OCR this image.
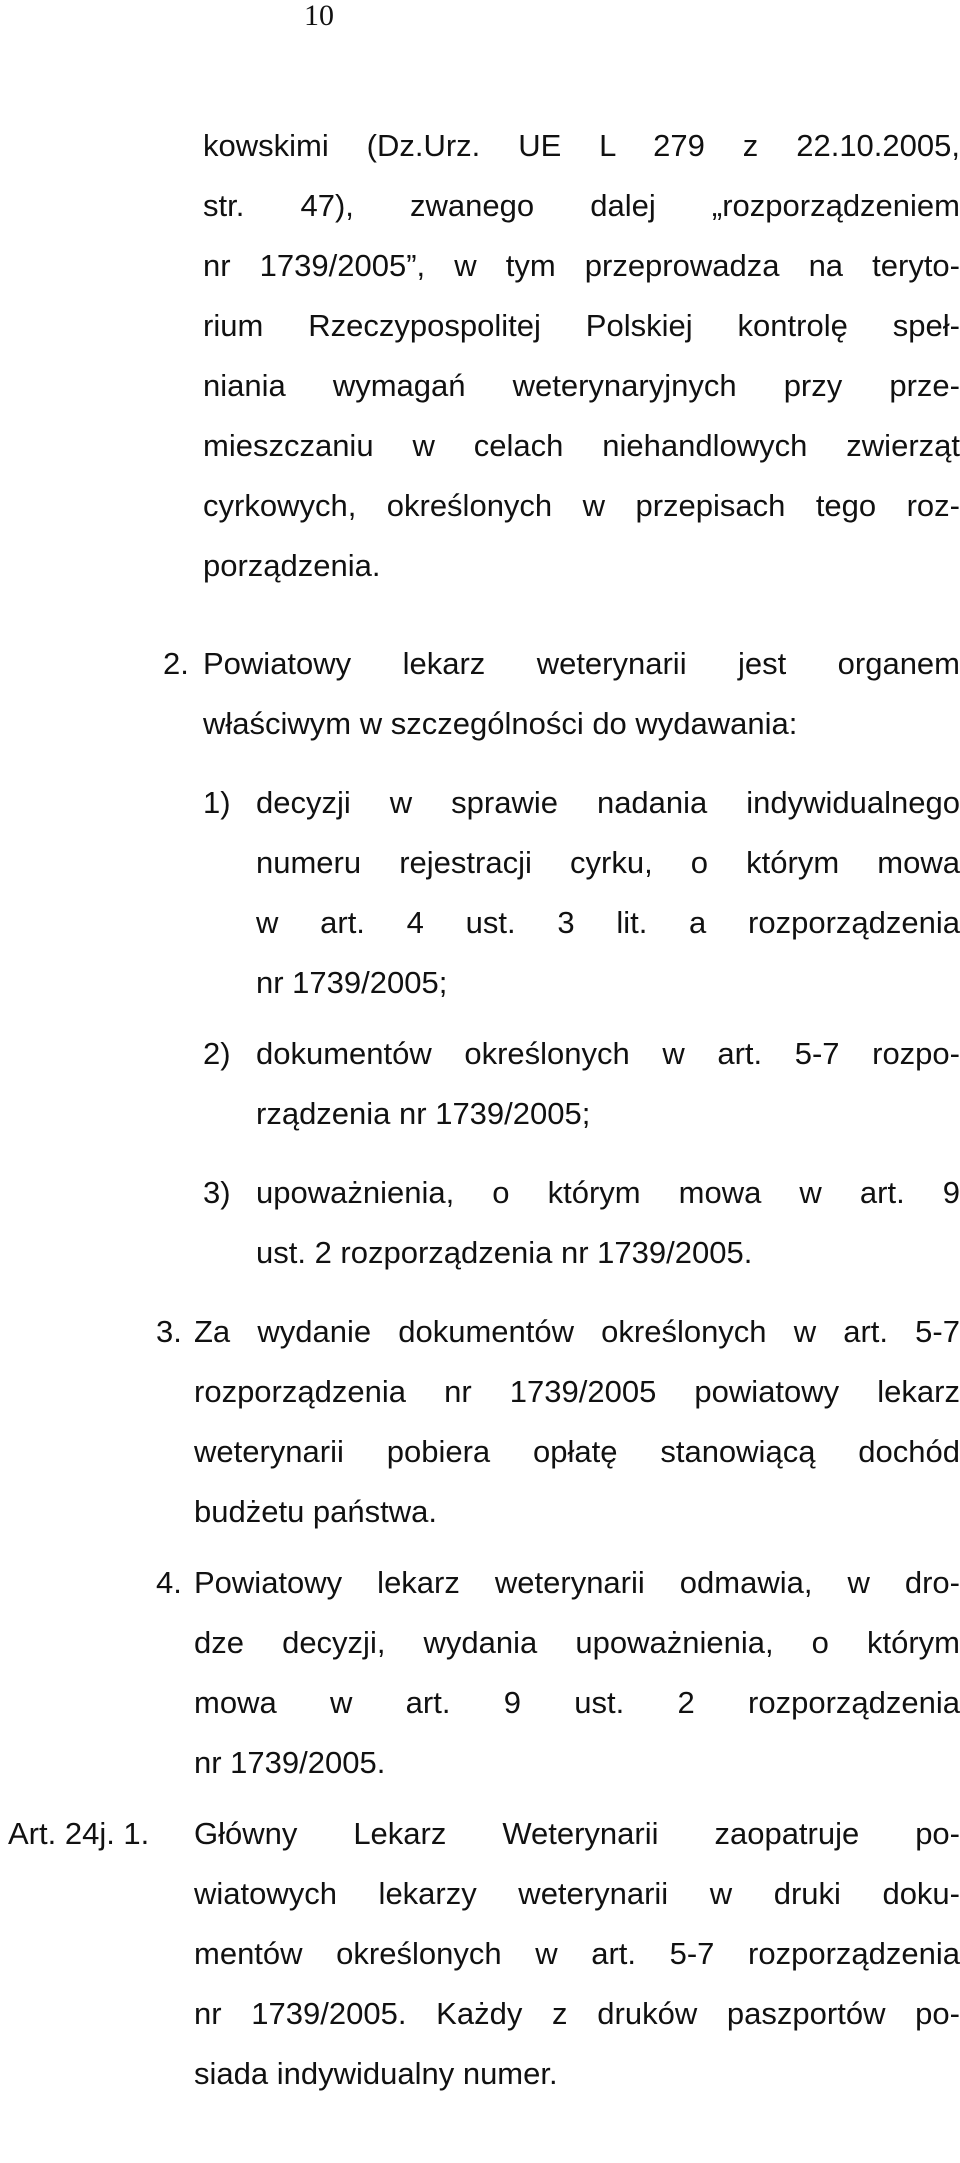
10
kowskimi (Dz.Urz. UE L 279 z 22.10.2005,
str. 47), zwanego dalej „rozporządzeniem
nr 1739/2005”, w tym przeprowadza na teryto-
rium Rzeczypospolitej Polskiej kontrolę speł-
niania wymagań weterynaryjnych przy prze-
mieszczaniu w celach niehandlowych zwierząt
cyrkowych, określonych w przepisach tego roz-
porządzenia.
2. Powiatowy lekarz weterynarii jest organem
właściwym w szczególności do wydawania:
1) decyzji w sprawie nadania indywidualnego
numeru rejestracji cyrku, o którym mowa
w art. 4 ust. 3 lit. a rozporządzenia
nr 1739/2005;
2) dokumentów określonych w art. 5-7 rozpo-
rządzenia nr 1739/2005;
3) upoważnienia, o którym mowa w art. 9
ust. 2 rozporządzenia nr 1739/2005.
3. Za wydanie dokumentów określonych w art. 5-7
rozporządzenia nr 1739/2005 powiatowy lekarz
weterynarii pobiera opłatę stanowiącą dochód
budżetu państwa.
4. Powiatowy lekarz weterynarii odmawia, w dro-
dze decyzji, wydania upoważnienia, o którym
mowa w art. 9 ust. 2 rozporządzenia
nr 1739/2005.
Art. 24j. 1. Główny Lekarz Weterynarii zaopatruje po-
wiatowych lekarzy weterynarii w druki doku-
mentów określonych w art. 5-7 rozporządzenia
nr 1739/2005. Każdy z druków paszportów po-
siada indywidualny numer.
